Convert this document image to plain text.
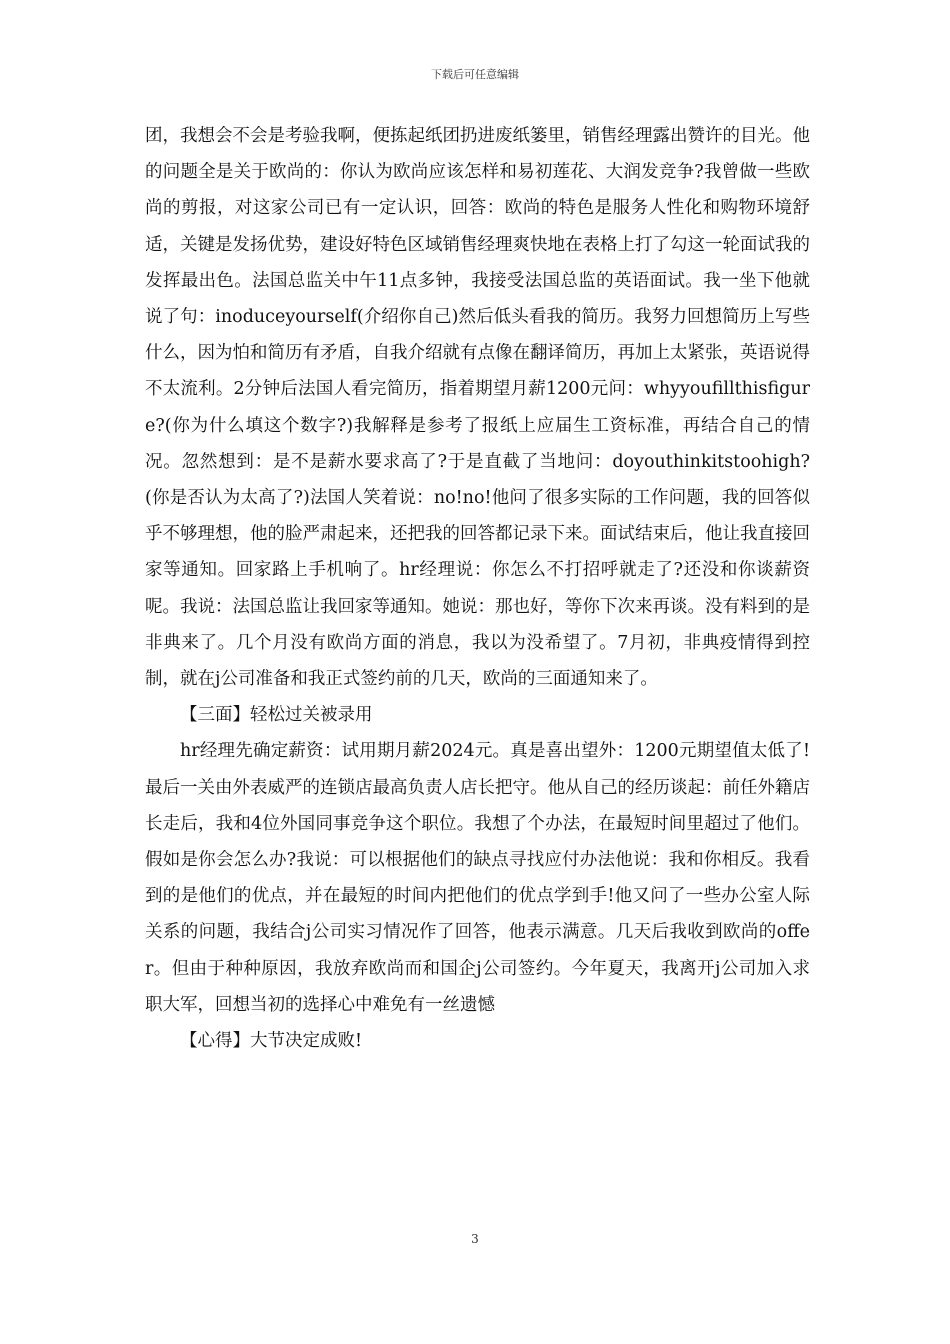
下载后可任意编辑

团，我想会不会是考验我啊，便拣起纸团扔进废纸篓里，销售经理露出赞许的目光。他的问题全是关于欧尚的：你认为欧尚应该怎样和易初莲花、大润发竞争?我曾做一些欧尚的剪报，对这家公司已有一定认识，回答：欧尚的特色是服务人性化和购物环境舒适，关键是发扬优势，建设好特色区域销售经理爽快地在表格上打了勾这一轮面试我的发挥最出色。法国总监关中午11点多钟，我接受法国总监的英语面试。我一坐下他就说了句：inoduceyourself(介绍你自己)然后低头看我的简历。我努力回想简历上写些什么，因为怕和简历有矛盾，自我介绍就有点像在翻译简历，再加上太紧张，英语说得不太流利。2分钟后法国人看完简历，指着期望月薪1200元问：whyyoufillthisfigure?(你为什么填这个数字?)我解释是参考了报纸上应届生工资标准，再结合自己的情况。忽然想到：是不是薪水要求高了?于是直截了当地问：doyouthinkitstoohigh?(你是否认为太高了?)法国人笑着说：no!no!他问了很多实际的工作问题，我的回答似乎不够理想，他的脸严肃起来，还把我的回答都记录下来。面试结束后，他让我直接回家等通知。回家路上手机响了。hr经理说：你怎么不打招呼就走了?还没和你谈薪资呢。我说：法国总监让我回家等通知。她说：那也好，等你下次来再谈。没有料到的是非典来了。几个月没有欧尚方面的消息，我以为没希望了。7月初，非典疫情得到控制，就在j公司准备和我正式签约前的几天，欧尚的三面通知来了。

【三面】轻松过关被录用

hr经理先确定薪资：试用期月薪2024元。真是喜出望外：1200元期望值太低了!最后一关由外表威严的连锁店最高负责人店长把守。他从自己的经历谈起：前任外籍店长走后，我和4位外国同事竞争这个职位。我想了个办法，在最短时间里超过了他们。假如是你会怎么办?我说：可以根据他们的缺点寻找应付办法他说：我和你相反。我看到的是他们的优点，并在最短的时间内把他们的优点学到手!他又问了一些办公室人际关系的问题，我结合j公司实习情况作了回答，他表示满意。几天后我收到欧尚的offer。但由于种种原因，我放弃欧尚而和国企j公司签约。今年夏天，我离开j公司加入求职大军，回想当初的选择心中难免有一丝遗憾

【心得】大节决定成败!

3
